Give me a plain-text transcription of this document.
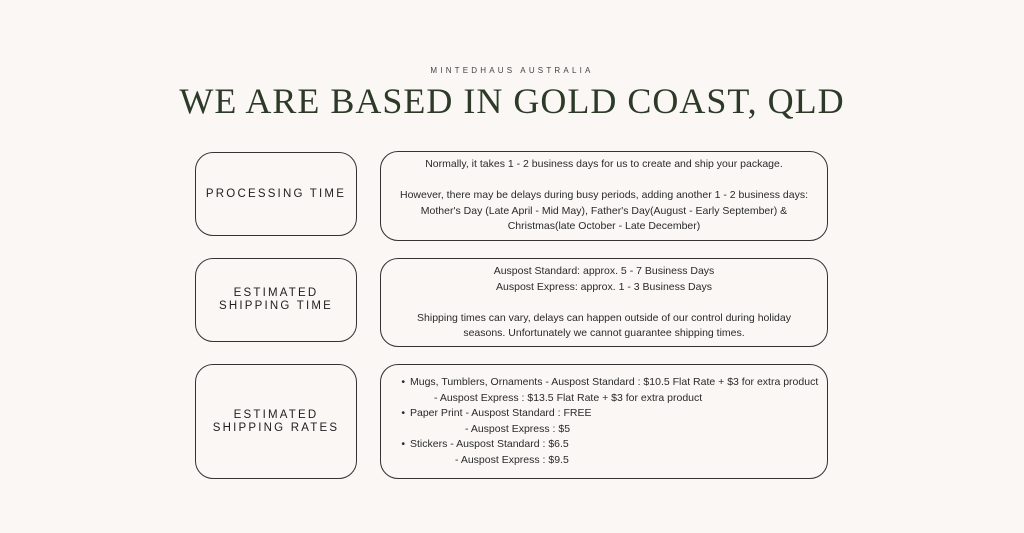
MINTEDHAUS AUSTRALIA
WE ARE BASED IN GOLD COAST, QLD
PROCESSING TIME

Normally, it takes 1 - 2 business days for us to create and ship your package.

However, there may be delays during busy periods, adding another 1 - 2 business days: Mother's Day (Late April - Mid May), Father's Day(August - Early September) & Christmas(late October - Late December)

ESTIMATED
SHIPPING TIME

Auspost Standard: approx. 5 - 7 Business Days

Auspost Express: approx. 1 - 3 Business Days

Shipping times can vary, delays can happen outside of our control during holiday seasons. Unfortunately we cannot guarantee shipping times.

ESTIMATED
SHIPPING RATES

• Mugs, Tumblers, Ornaments - Auspost Standard : $10.5 Flat Rate + $3 for extra product

- Auspost Express : $13.5 Flat Rate + $3 for extra product

• Paper Print - Auspost Standard : FREE

- Auspost Express : $5

• Stickers - Auspost Standard : $6.5

- Auspost Express : $9.5
